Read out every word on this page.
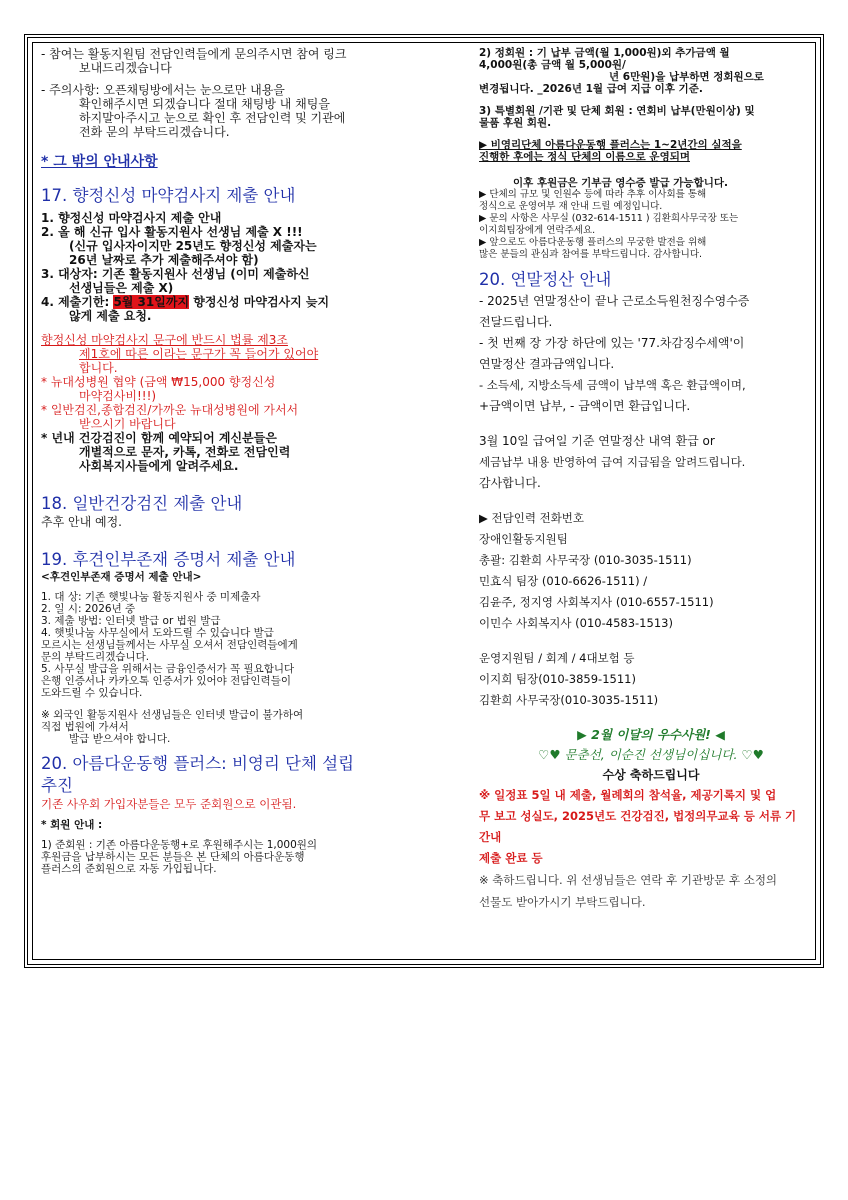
- 참여는 활동지원팀 전담인력들에게 문의주시면 참여 링크

보내드리겠습니다

- 주의사항: 오픈채팅방에서는 눈으로만 내용을

확인해주시면 되겠습니다 절대 채팅방 내 채팅을

하지말아주시고 눈으로 확인 후 전담인력 및 기관에

전화 문의 부탁드리겠습니다.

* 그 밖의 안내사항

17. 향정신성 마약검사지 제출 안내

1. 향정신성 마약검사지 제출 안내

2. 올 해 신규 입사 활동지원사 선생님 제출 X !!!

(신규 입사자이지만 25년도 향정신성 제출자는

26년 날짜로 추가 제출해주셔야 함)

3. 대상자: 기존 활동지원사 선생님 (이미 제출하신

선생님들은 제출 X)

4. 제출기한: 5월 31일까지 향정신성 마약검사지 늦지

않게 제출 요청.

향정신성 마약검사지 문구에 반드시 법률 제3조

제1호에 따른 이라는 문구가 꼭 들어가 있어야

합니다.

* 뉴대성병원 협약 (금액 ₩15,000 향정신성

마약검사비!!!)

* 일반검진,종합검진/가까운 뉴대성병원에 가서서

받으시기 바랍니다

* 년내 건강검진이 함께 예약되어 계신분들은

개별적으로 문자, 카톡, 전화로 전담인력

사회복지사들에게 알려주세요.

18. 일반건강검진 제출 안내

추후 안내 예정.

19. 후견인부존재 증명서 제출 안내

<후견인부존재 증명서 제출 안내>

1. 대 상: 기존 햇빛나눔 활동지원사 중 미제출자

2. 일 시: 2026년 중

3. 제출 방법: 인터넷 발급 or 법원 발급

4. 햇빛나눔 사무실에서 도와드릴 수 있습니다 발급

모르시는 선생님들께서는 사무실 오셔서 전담인력들에게

문의 부탁드리겠습니다.

5. 사무실 발급을 위해서는 금융인증서가 꼭 필요합니다

은행 인증서나 카카오톡 인증서가 있어야 전담인력들이

도와드릴 수 있습니다.

※ 외국인 활동지원사 선생님들은 인터넷 발급이 불가하여

직접 법원에 가셔서

발급 받으셔야 합니다.

20. 아름다운동행 플러스: 비영리 단체 설립

추진

기존 사우회 가입자분들은 모두 준회원으로 이관됨.

* 회원 안내 :

1) 준회원 : 기존 아름다운동행+로 후원해주시는 1,000원의

후원금을 납부하시는 모든 분들은 본 단체의 아름다운동행

플러스의 준회원으로 자동 가입됩니다.

2) 정회원 : 기 납부 금액(월 1,000원)외 추가금액 월

4,000원(총 금액 월 5,000원/

년 6만원)을 납부하면 정회원으로

변경됩니다. _2026년 1월 급여 지급 이후 기준.

3) 특별회원 /기관 및 단체 회원 : 연회비 납부(만원이상) 및

물품 후원 회원.

▶ 비영리단체 아름다운동행 플러스는 1~2년간의 실적을

진행한 후에는 정식 단체의 이름으로 운영되며

이후 후원금은 기부금 영수증 발급 가능합니다.

▶ 단체의 규모 및 인원수 등에 따라 추후 이사회를 통해

정식으로 운영여부 재 안내 드릴 예정입니다.

▶ 문의 사항은 사무실 (032-614-1511 ) 김환희사무국장 또는

이지희팀장에게 연락주세요.

▶ 앞으로도 아름다운동행 플러스의 무궁한 발전을 위해

많은 분들의 관심과 참여를 부탁드립니다. 감사합니다.

20. 연말정산 안내

- 2025년 연말정산이 끝나 근로소득원천징수영수증

전달드립니다.

- 첫 번째 장 가장 하단에 있는 '77.차감징수세액'이

연말정산 결과금액입니다.

- 소득세, 지방소득세 금액이 납부액 혹은 환급액이며,

+금액이면 납부, - 금액이면 환급입니다.

3월 10일 급여일 기준 연말정산 내역 환급 or

세금납부 내용 반영하여 급여 지급됨을 알려드립니다.

감사합니다.

▶ 전담인력 전화번호

장애인활동지원팀

총괄: 김환희 사무국장 (010-3035-1511)

민효식 팀장 (010-6626-1511) /

김윤주, 정지영 사회복지사 (010-6557-1511)

이민수 사회복지사 (010-4583-1513)

운영지원팀 / 회계 / 4대보험 등

이지희 팀장(010-3859-1511)

김환희 사무국장(010-3035-1511)

▶ 2월 이달의 우수사원! ◀

♡♥ 문춘선, 이순진 선생님이십니다. ♡♥

수상 축하드립니다

※ 일정표 5일 내 제출, 월례회의 참석율, 제공기록지 및 업

무 보고 성실도, 2025년도 건강검진, 법정의무교육 등 서류 기

간내

제출 완료 등

※ 축하드립니다. 위 선생님들은 연락 후 기관방문 후 소정의

선물도 받아가시기 부탁드립니다.
